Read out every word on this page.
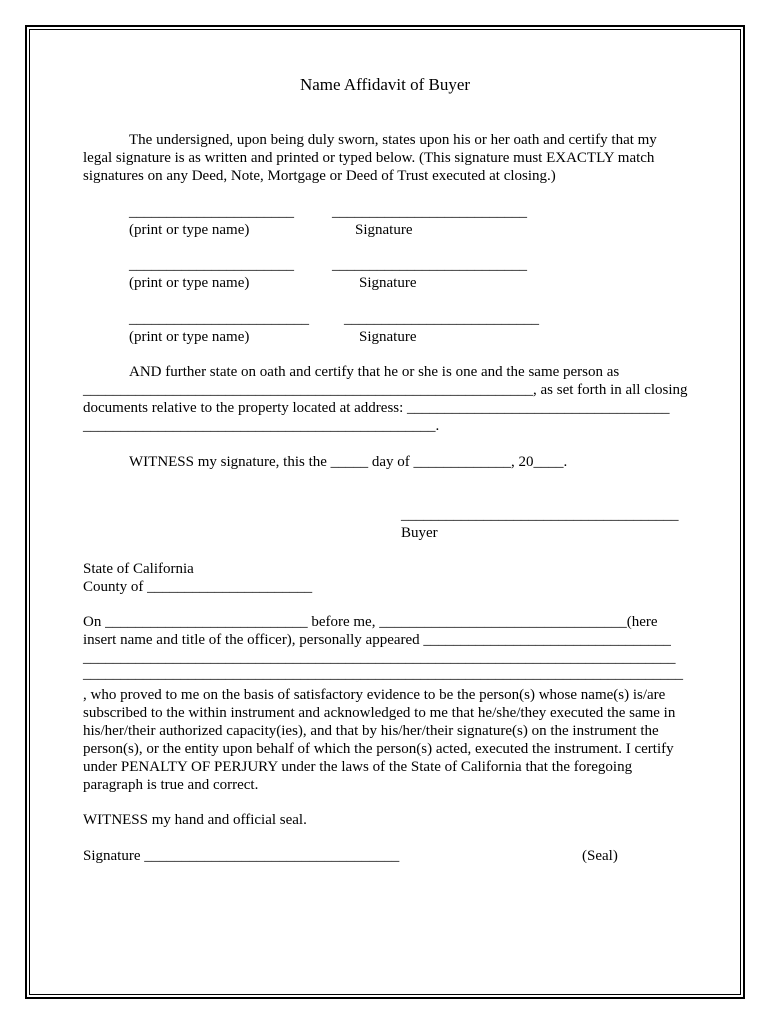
Name Affidavit of Buyer
The undersigned, upon being duly sworn, states upon his or her oath and certify that my
legal signature is as written and printed or typed below. (This signature must EXACTLY match
signatures on any Deed, Note, Mortgage or Deed of Trust executed at closing.)
______________________	__________________________
(print or type name)	Signature
______________________	__________________________
(print or type name)	Signature
________________________ __________________________
(print or type name)	Signature
AND further state on oath and certify that he or she is one and the same person as
____________________________________________________________, as set forth in all closing
documents relative to the property located at address: ___________________________________
_______________________________________________.
WITNESS my signature, this the _____ day of _____________, 20____.
_____________________________________
Buyer
State of California
County of ______________________
On ___________________________ before me, _________________________________(here
insert name and title of the officer), personally appeared _________________________________
_______________________________________________________________________________
________________________________________________________________________________
, who proved to me on the basis of satisfactory evidence to be the person(s) whose name(s) is/are
subscribed to the within instrument and acknowledged to me that he/she/they executed the same in
his/her/their authorized capacity(ies), and that by his/her/their signature(s) on the instrument the
person(s), or the entity upon behalf of which the person(s) acted, executed the instrument. I certify
under PENALTY OF PERJURY under the laws of the State of California that the foregoing
paragraph is true and correct.
WITNESS my hand and official seal.
Signature __________________________________	(Seal)
